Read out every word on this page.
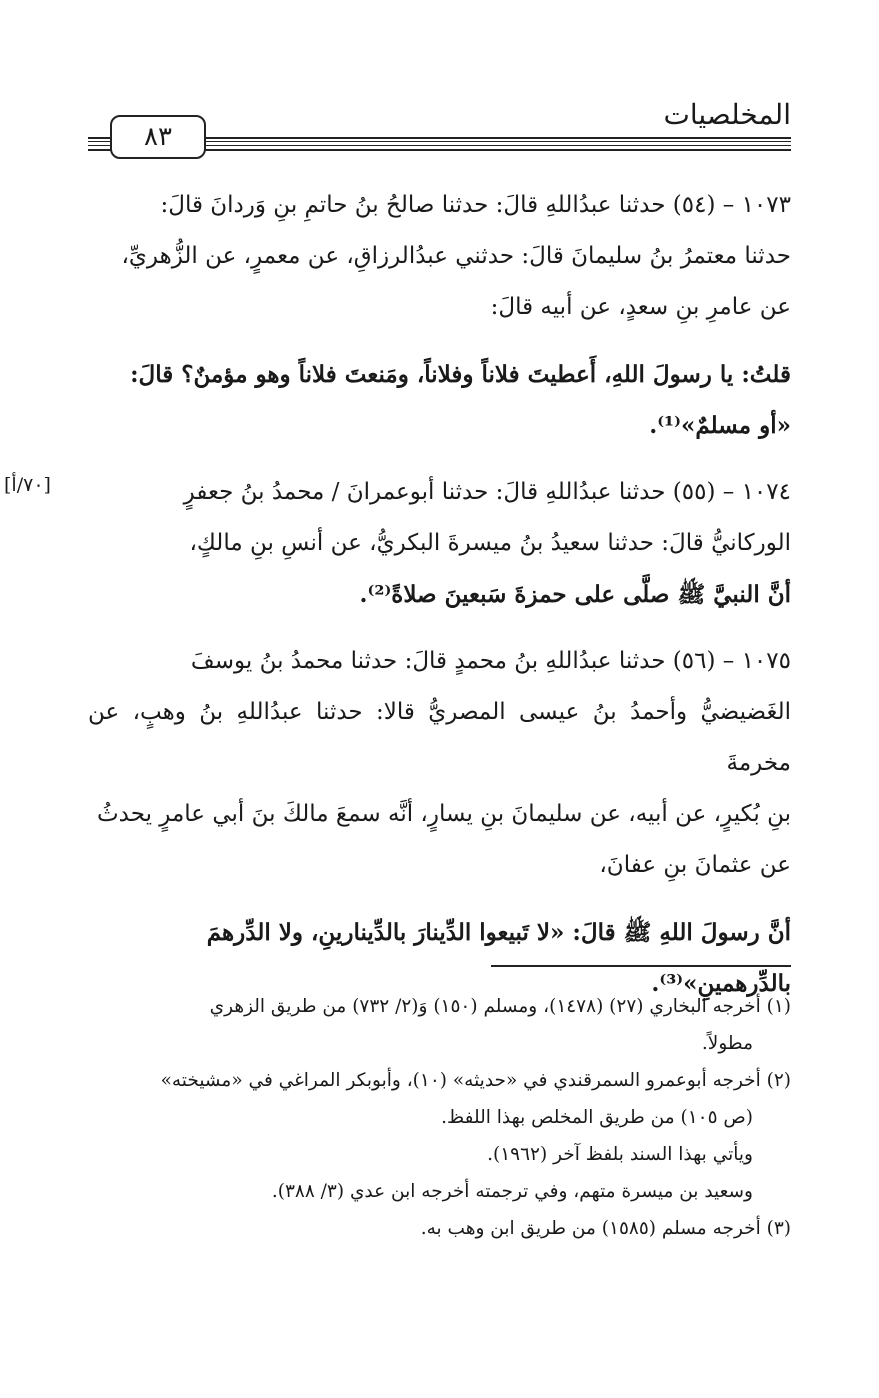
المخلصيات
٨٣
[٧٠/أ]

١٠٧٣ – (٥٤) حدثنا عبدُاللهِ قالَ: حدثنا صالحُ بنُ حاتمِ بنِ وَردانَ قالَ:

حدثنا معتمرُ بنُ سليمانَ قالَ: حدثني عبدُالرزاقِ، عن معمرٍ، عن الزُّهريِّ،

عن عامرِ بنِ سعدٍ، عن أبيه قالَ:

قلتُ: يا رسولَ اللهِ، أَعطيتَ فلاناً وفلاناً، ومَنعتَ فلاناً وهو مؤمنٌ؟ قالَ:

«أو مسلمٌ»⁽¹⁾.

١٠٧٤ – (٥٥) حدثنا عبدُاللهِ قالَ: حدثنا أبوعمرانَ / محمدُ بنُ جعفرٍ

الوركانيُّ قالَ: حدثنا سعيدُ بنُ ميسرةَ البكريُّ، عن أنسِ بنِ مالكٍ،

أنَّ النبيَّ ﷺ صلَّى على حمزةَ سَبعينَ صلاةً⁽²⁾.

١٠٧٥ – (٥٦) حدثنا عبدُاللهِ بنُ محمدٍ قالَ: حدثنا محمدُ بنُ يوسفَ

الغَضيضيُّ وأحمدُ بنُ عيسى المصريُّ قالا: حدثنا عبدُاللهِ بنُ وهبٍ، عن مخرمةَ

بنِ بُكيرٍ، عن أبيه، عن سليمانَ بنِ يسارٍ، أنَّه سمعَ مالكَ بنَ أبي عامرٍ يحدثُ

عن عثمانَ بنِ عفانَ،

أنَّ رسولَ اللهِ ﷺ قالَ: «لا تَبيعوا الدِّينارَ بالدِّينارينِ، ولا الدِّرهمَ

بالدِّرهمينِ»⁽³⁾.

(١) أخرجه البخاري (٢٧) (١٤٧٨)، ومسلم (١٥٠) وَ(٢/ ٧٣٢) من طريق الزهري

مطولاً.

(٢) أخرجه أبوعمرو السمرقندي في «حديثه» (١٠)، وأبوبكر المراغي في «مشيخته»

(ص ١٠٥) من طريق المخلص بهذا اللفظ.

ويأتي بهذا السند بلفظ آخر (١٩٦٢).

وسعيد بن ميسرة متهم، وفي ترجمته أخرجه ابن عدي (٣/ ٣٨٨).

(٣) أخرجه مسلم (١٥٨٥) من طريق ابن وهب به.
